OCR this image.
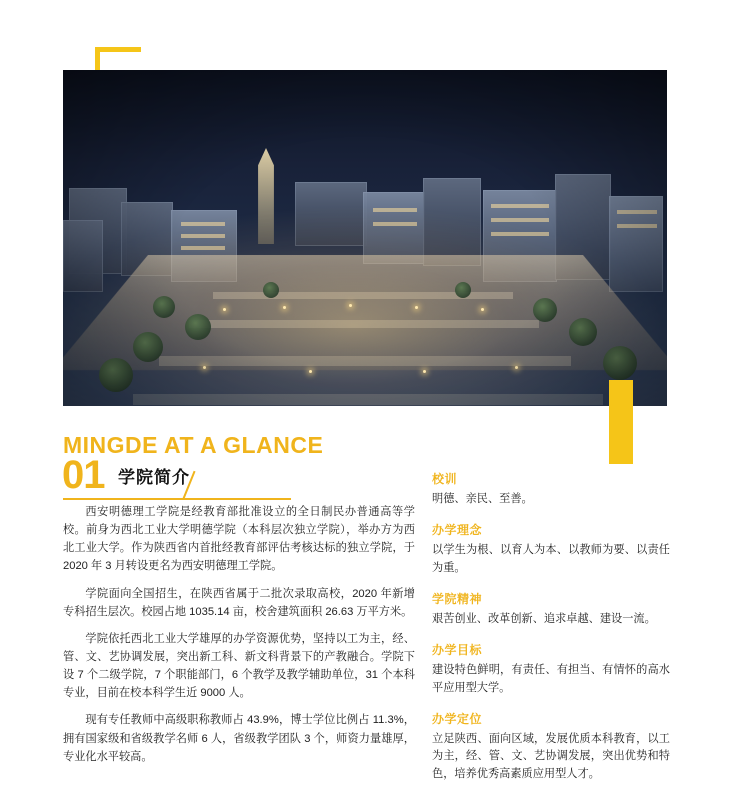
MINGDE AT A GLANCE
01 学院简介

西安明德理工学院是经教育部批准设立的全日制民办普通高等学校。前身为西北工业大学明德学院（本科层次独立学院），举办方为西北工业大学。作为陕西省内首批经教育部评估考核达标的独立学院，于 2020 年 3 月转设更名为西安明德理工学院。

学院面向全国招生，在陕西省属于二批次录取高校，2020 年新增专科招生层次。校园占地 1035.14 亩，校舍建筑面积 26.63 万平方米。

学院依托西北工业大学雄厚的办学资源优势，坚持以工为主，经、管、文、艺协调发展，突出新工科、新文科背景下的产教融合。学院下设 7 个二级学院，7 个职能部门，6 个教学及教学辅助单位，31 个本科专业，目前在校本科学生近 9000 人。

现有专任教师中高级职称教师占 43.9%，博士学位比例占 11.3%，拥有国家级和省级教学名师 6 人，省级教学团队 3 个，师资力量雄厚，专业化水平较高。

校训

明德、亲民、至善。

办学理念

以学生为根、以育人为本、以教师为要、以责任为重。

学院精神

艰苦创业、改革创新、追求卓越、建设一流。

办学目标

建设特色鲜明，有责任、有担当、有情怀的高水平应用型大学。

办学定位

立足陕西、面向区域，发展优质本科教育，以工为主，经、管、文、艺协调发展，突出优势和特色，培养优秀高素质应用型人才。
